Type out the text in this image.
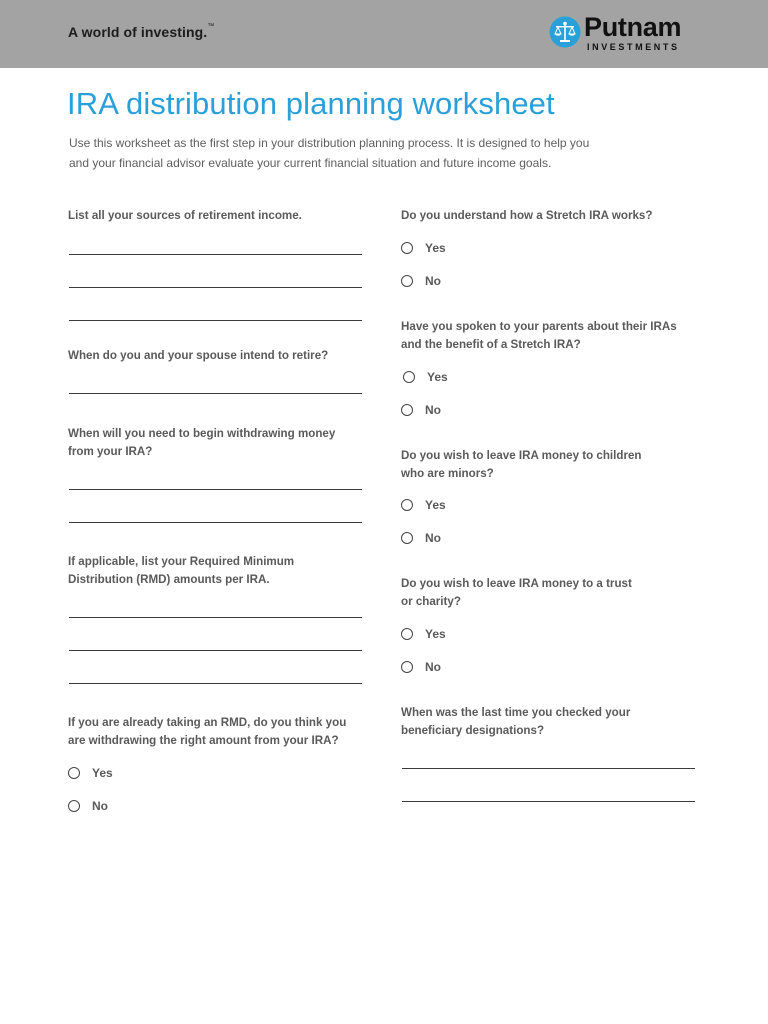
A world of investing.™	Putnam
INVESTMENTS
IRA distribution planning worksheet
Use this worksheet as the first step in your distribution planning process. It is designed to help you
and your financial advisor evaluate your current financial situation and future income goals.
List all your sources of retirement income.
When do you and your spouse intend to retire?
When will you need to begin withdrawing money
from your IRA?
If applicable, list your Required Minimum
Distribution (RMD) amounts per IRA.
If you are already taking an RMD, do you think you
are withdrawing the right amount from your IRA?
Yes
No
Do you understand how a Stretch IRA works?
Yes
No
Have you spoken to your parents about their IRAs
and the benefit of a Stretch IRA?
Yes
No
Do you wish to leave IRA money to children
who are minors?
Yes
No
Do you wish to leave IRA money to a trust
or charity?
Yes
No
When was the last time you checked your
beneficiary designations?
